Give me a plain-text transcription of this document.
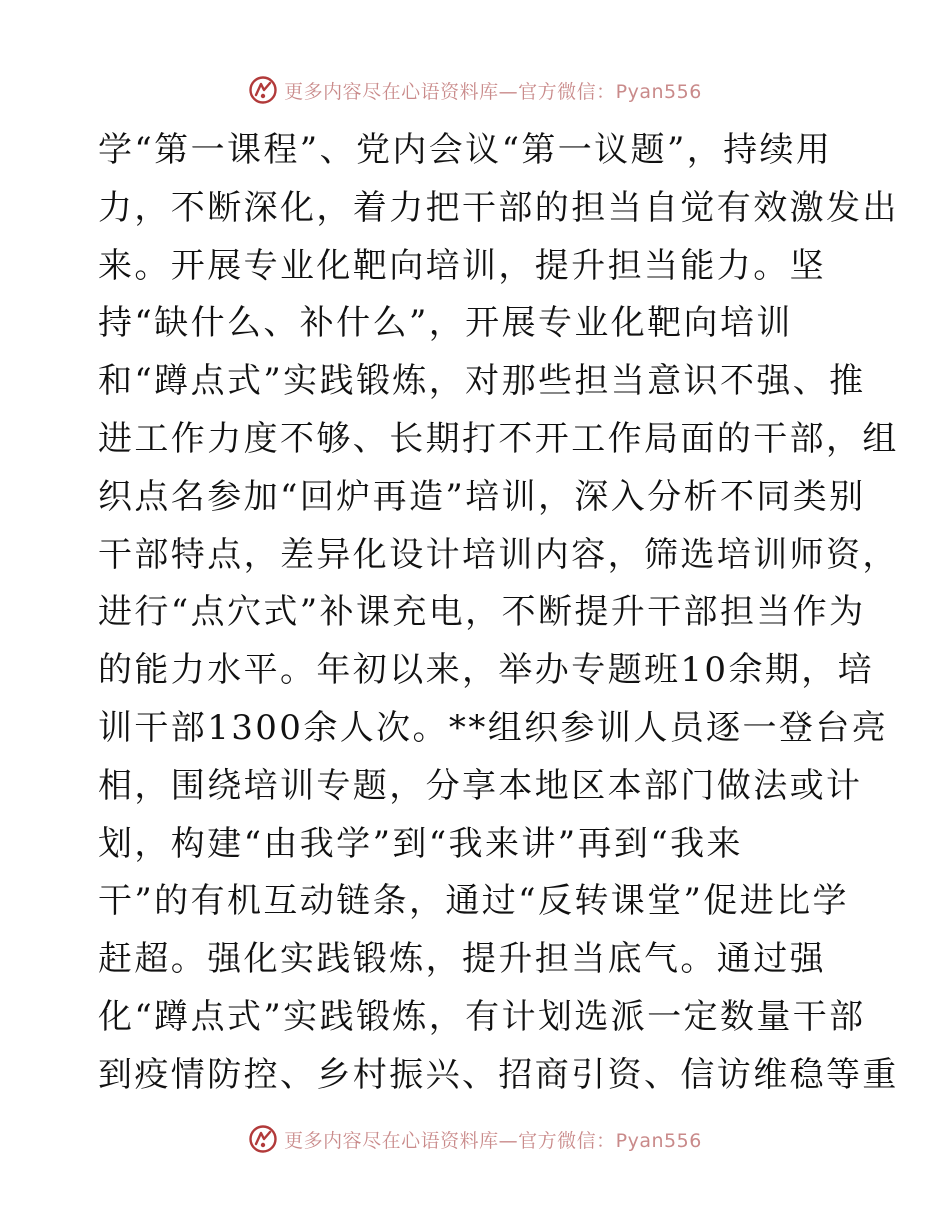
更多内容尽在心语资料库—官方微信：Pyan556
学“第一课程”、党内会议“第一议题”，持续用
力，不断深化，着力把干部的担当自觉有效激发出
来。开展专业化靶向培训，提升担当能力。坚
持“缺什么、补什么”，开展专业化靶向培训
和“蹲点式”实践锻炼，对那些担当意识不强、推
进工作力度不够、长期打不开工作局面的干部，组
织点名参加“回炉再造”培训，深入分析不同类别
干部特点，差异化设计培训内容，筛选培训师资，
进行“点穴式”补课充电，不断提升干部担当作为
的能力水平。年初以来，举办专题班10余期，培
训干部1300余人次。**组织参训人员逐一登台亮
相，围绕培训专题，分享本地区本部门做法或计
划，构建“由我学”到“我来讲”再到“我来
干”的有机互动链条，通过“反转课堂”促进比学
赶超。强化实践锻炼，提升担当底气。通过强
化“蹲点式”实践锻炼，有计划选派一定数量干部
到疫情防控、乡村振兴、招商引资、信访维稳等重
更多内容尽在心语资料库—官方微信：Pyan556
